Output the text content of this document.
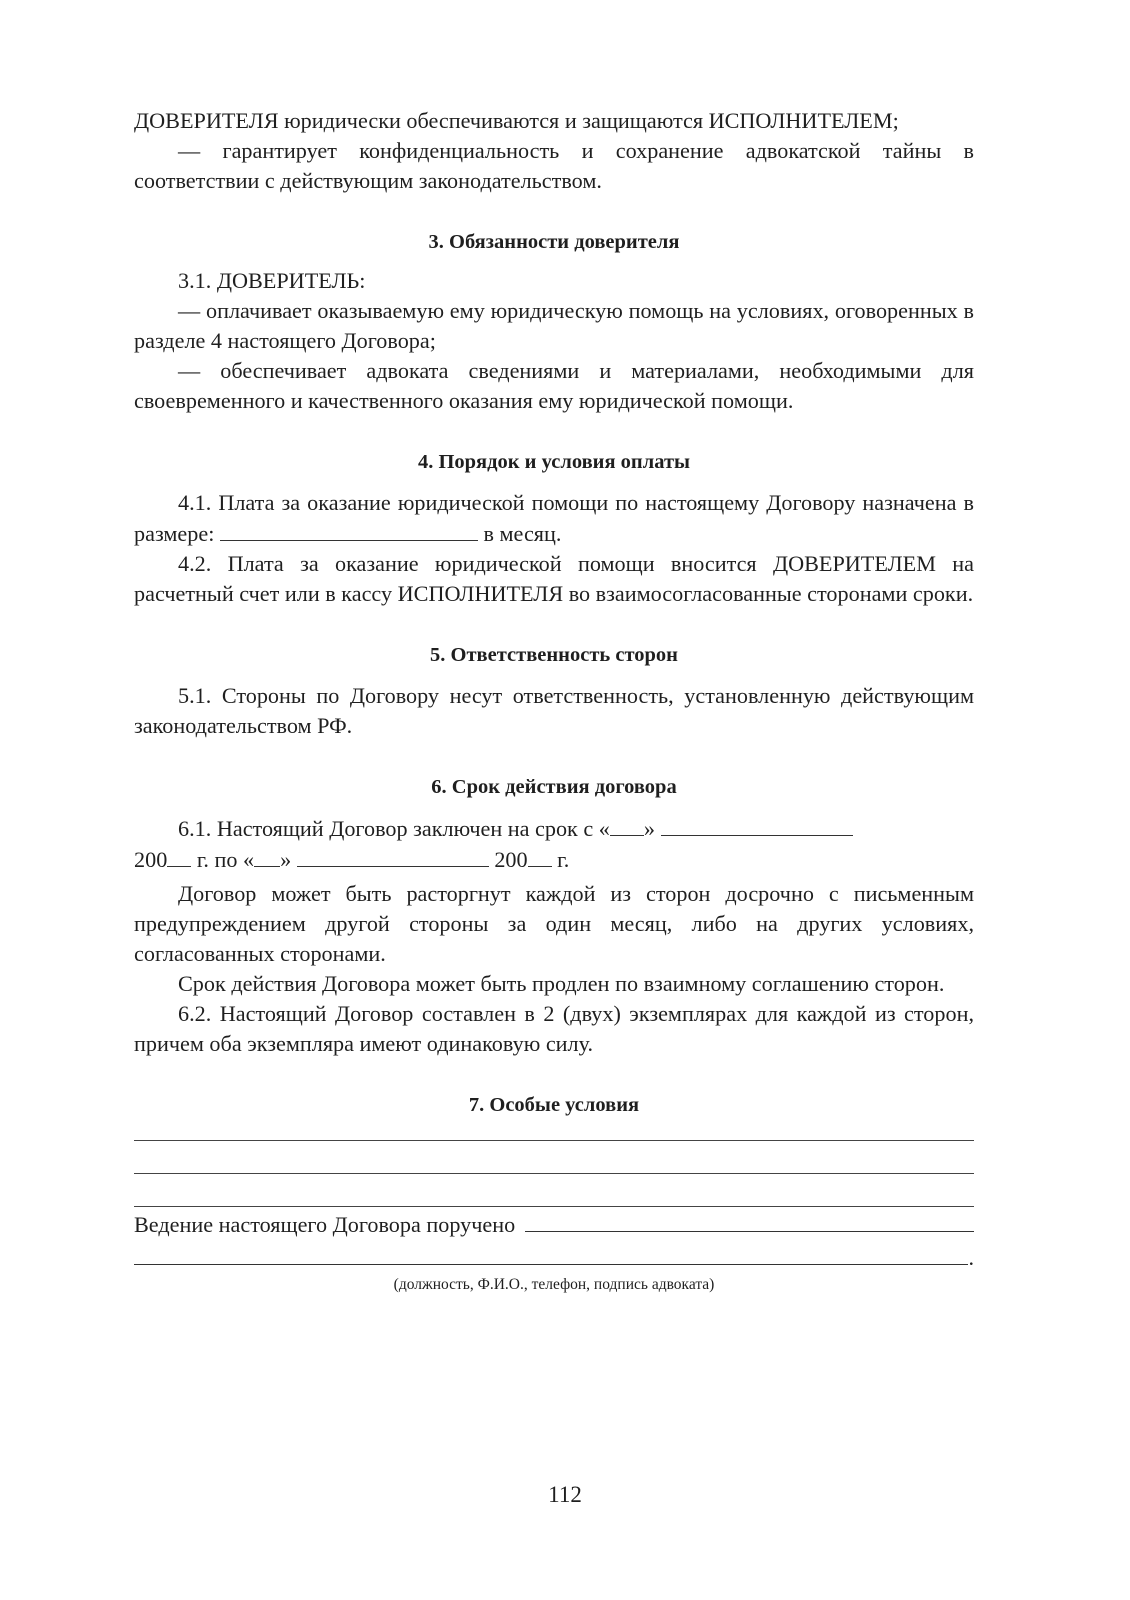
ДОВЕРИТЕЛЯ юридически обеспечиваются и защищаются ИСПОЛНИТЕЛЕМ;

— гарантирует конфиденциальность и сохранение адвокатской тайны в соответствии с действующим законодательством.

3. Обязанности доверителя

3.1. ДОВЕРИТЕЛЬ:

— оплачивает оказываемую ему юридическую помощь на условиях, оговоренных в разделе 4 настоящего Договора;

— обеспечивает адвоката сведениями и материалами, необходимыми для своевременного и качественного оказания ему юридической помощи.

4. Порядок и условия оплаты

4.1. Плата за оказание юридической помощи по настоящему Договору назначена в размере:	в месяц.

4.2. Плата за оказание юридической помощи вносится ДОВЕРИТЕЛЕМ на расчетный счет или в кассу ИСПОЛНИТЕЛЯ во взаимосогласованные сторонами сроки.

5. Ответственность сторон

5.1. Стороны по Договору несут ответственность, установленную действующим законодательством РФ.

6. Срок действия договора

6.1. Настоящий Договор заключен на срок с « »
200 г. по « »	200 г.

Договор может быть расторгнут каждой из сторон досрочно с письменным предупреждением другой стороны за один месяц, либо на других условиях, согласованных сторонами.

Срок действия Договора может быть продлен по взаимному соглашению сторон.

6.2. Настоящий Договор составлен в 2 (двух) экземплярах для каждой из сторон, причем оба экземпляра имеют одинаковую силу.

7. Особые условия

Ведение настоящего Договора поручено

.

(должность, Ф.И.О., телефон, подпись адвоката)
112
